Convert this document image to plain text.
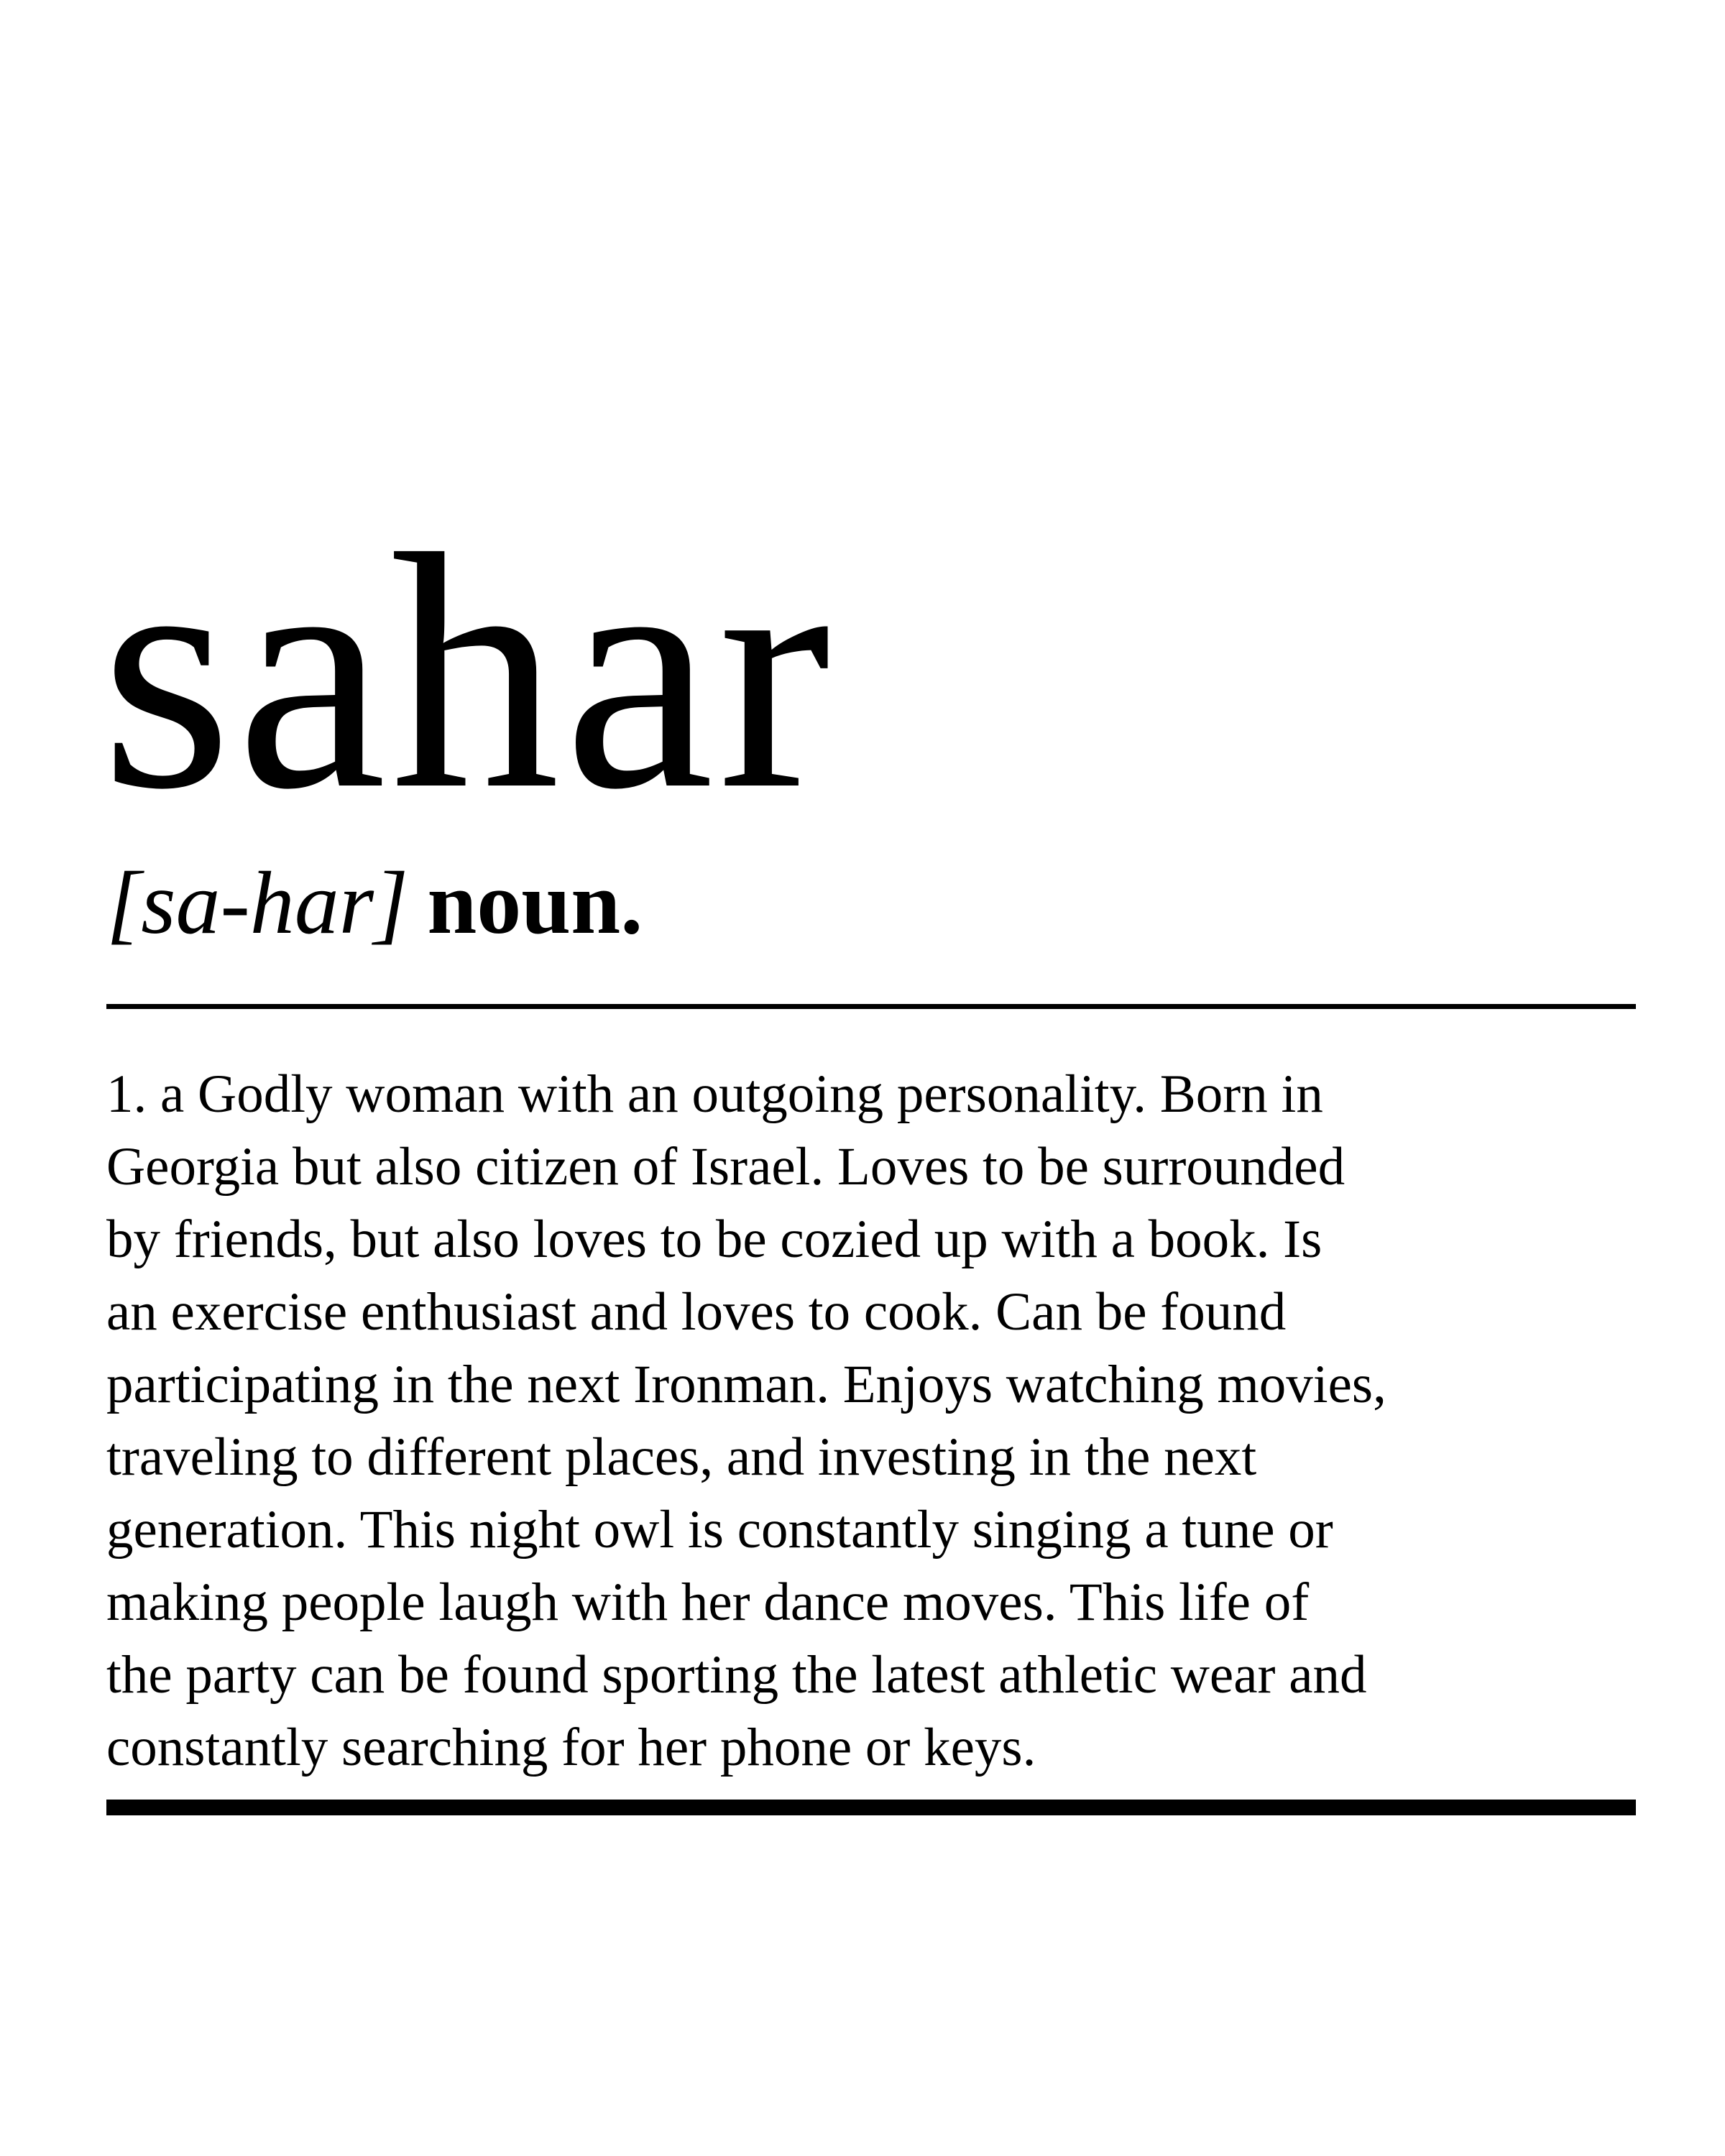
sahar
[sa-har] noun.

1. a Godly woman with an outgoing personality. Born in
Georgia but also citizen of Israel. Loves to be surrounded
by friends, but also loves to be cozied up with a book. Is
an exercise enthusiast and loves to cook. Can be found
participating in the next Ironman. Enjoys watching movies,
traveling to different places, and investing in the next
generation. This night owl is constantly singing a tune or
making people laugh with her dance moves. This life of
the party can be found sporting the latest athletic wear and
constantly searching for her phone or keys.
